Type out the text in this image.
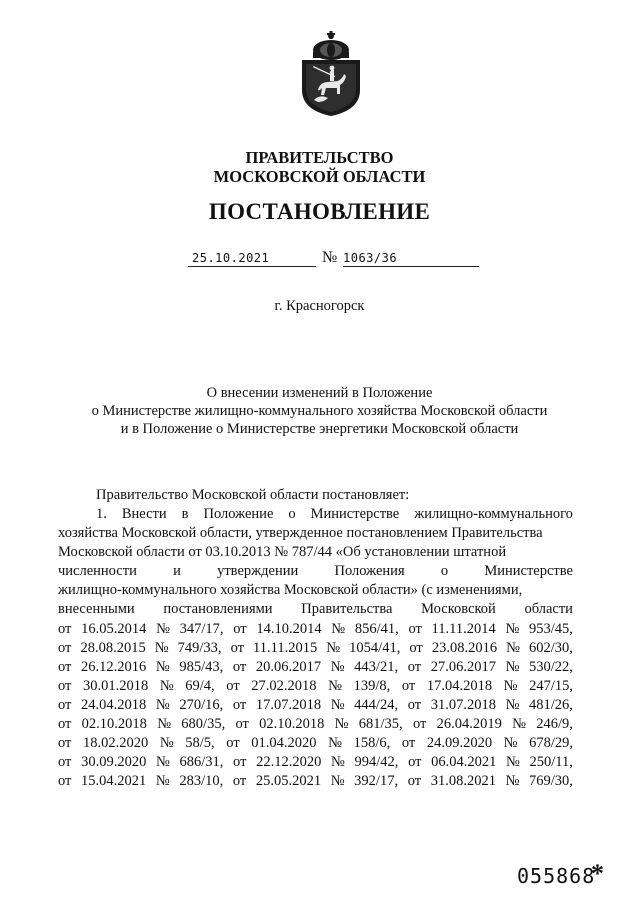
ПРАВИТЕЛЬСТВО
МОСКОВСКОЙ ОБЛАСТИ
ПОСТАНОВЛЕНИЕ
25.10.2021	№ 1063/36
г. Красногорск
О внесении изменений в Положение
о Министерстве жилищно-коммунального хозяйства Московской области
и в Положение о Министерстве энергетики Московской области
Правительство Московской области постановляет:
1. Внести в Положение о Министерстве жилищно-коммунального
хозяйства Московской области, утвержденное постановлением Правительства
Московской области от 03.10.2013 № 787/44 «Об установлении штатной
численности	и	утверждении	Положения	о	Министерстве
жилищно-коммунального хозяйства Московской области» (с изменениями,
внесенными постановлениями Правительства Московской области
от 16.05.2014 № 347/17, от 14.10.2014 № 856/41, от 11.11.2014 № 953/45,
от 28.08.2015 № 749/33, от 11.11.2015 № 1054/41, от 23.08.2016 № 602/30,
от 26.12.2016 № 985/43, от 20.06.2017 № 443/21, от 27.06.2017 № 530/22,
от 30.01.2018 № 69/4, от 27.02.2018 № 139/8, от 17.04.2018 № 247/15,
от 24.04.2018 № 270/16, от 17.07.2018 № 444/24, от 31.07.2018 № 481/26,
от 02.10.2018 № 680/35, от 02.10.2018 № 681/35, от 26.04.2019 № 246/9,
от 18.02.2020 № 58/5, от 01.04.2020 № 158/6, от 24.09.2020 № 678/29,
от 30.09.2020 № 686/31, от 22.12.2020 № 994/42, от 06.04.2021 № 250/11,
от 15.04.2021 № 283/10, от 25.05.2021 № 392/17, от 31.08.2021 № 769/30,
055868
*
